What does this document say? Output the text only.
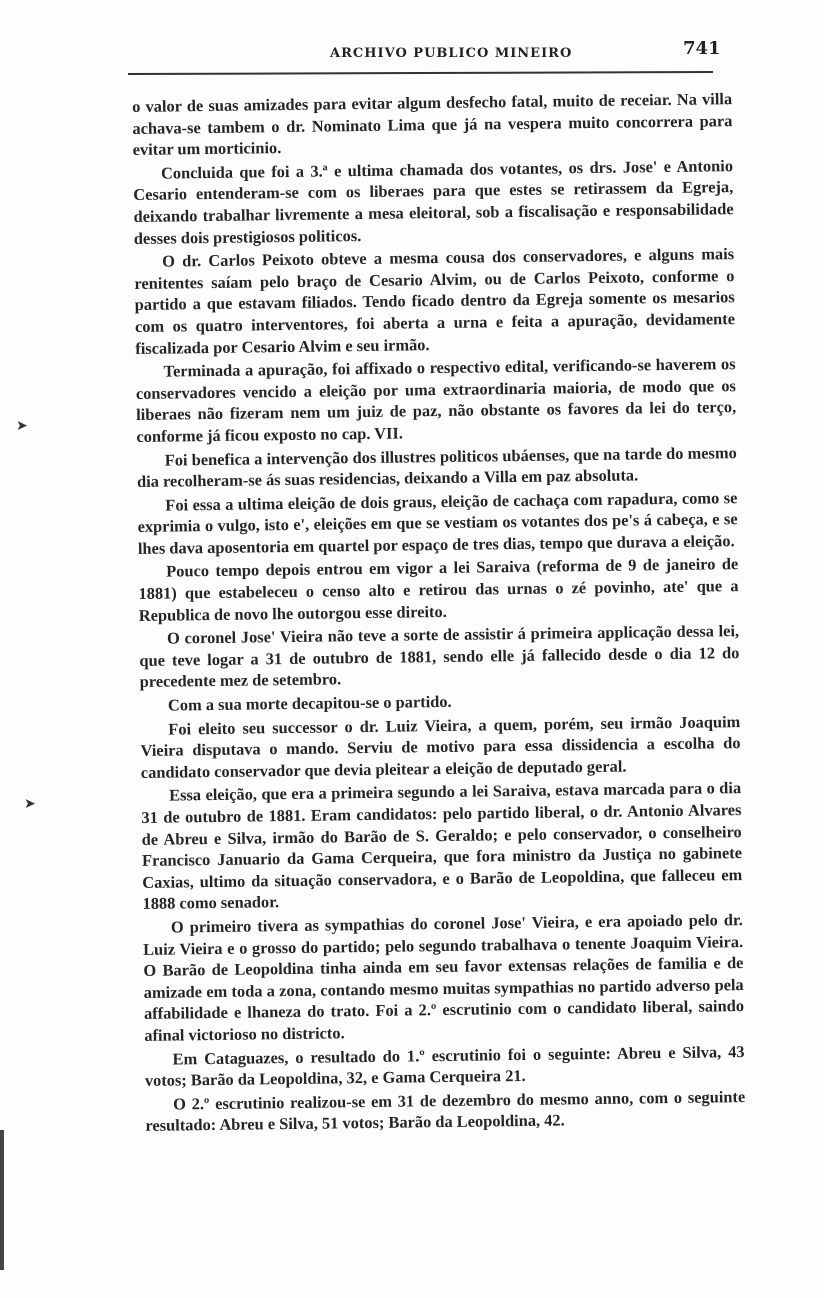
ARCHIVO PUBLICO MINEIRO	741
➤
➤

o valor de suas amizades para evitar algum desfecho fatal, muito de receiar. Na villa achava-se tambem o dr. Nominato Lima que já na vespera muito concorrera para evitar um morticinio.

Concluida que foi a 3.ª e ultima chamada dos votantes, os drs. Jose' e Antonio Cesario entenderam-se com os liberaes para que estes se retirassem da Egreja, deixando trabalhar livremente a mesa eleitoral, sob a fiscalisação e responsabilidade desses dois prestigiosos politicos.

O dr. Carlos Peixoto obteve a mesma cousa dos conservadores, e alguns mais renitentes saíam pelo braço de Cesario Alvim, ou de Carlos Peixoto, conforme o partido a que estavam filiados. Tendo ficado dentro da Egreja somente os mesarios com os quatro interventores, foi aberta a urna e feita a apuração, devidamente fiscalizada por Cesario Alvim e seu irmão.

Terminada a apuração, foi affixado o respectivo edital, verificando-se haverem os conservadores vencido a eleição por uma extraordinaria maioria, de modo que os liberaes não fizeram nem um juiz de paz, não obstante os favores da lei do terço, conforme já ficou exposto no cap. VII.

Foi benefica a intervenção dos illustres politicos ubáenses, que na tarde do mesmo dia recolheram-se ás suas residencias, deixando a Villa em paz absoluta.

Foi essa a ultima eleição de dois graus, eleição de cachaça com rapadura, como se exprimia o vulgo, isto e', eleições em que se vestiam os votantes dos pe's á cabeça, e se lhes dava aposentoria em quartel por espaço de tres dias, tempo que durava a eleição.

Pouco tempo depois entrou em vigor a lei Saraiva (reforma de 9 de janeiro de 1881) que estabeleceu o censo alto e retirou das urnas o zé povinho, ate' que a Republica de novo lhe outorgou esse direito.

O coronel Jose' Vieira não teve a sorte de assistir á primeira applicação dessa lei, que teve logar a 31 de outubro de 1881, sendo elle já fallecido desde o dia 12 do precedente mez de setembro.

Com a sua morte decapitou-se o partido.

Foi eleito seu successor o dr. Luiz Vieira, a quem, porém, seu irmão Joaquim Vieira disputava o mando. Serviu de motivo para essa dissidencia a escolha do candidato conservador que devia pleitear a eleição de deputado geral.

Essa eleição, que era a primeira segundo a lei Saraiva, estava marcada para o dia 31 de outubro de 1881. Eram candidatos: pelo partido liberal, o dr. Antonio Alvares de Abreu e Silva, irmão do Barão de S. Geraldo; e pelo conservador, o conselheiro Francisco Januario da Gama Cerqueira, que fora ministro da Justiça no gabinete Caxias, ultimo da situação conservadora, e o Barão de Leopoldina, que falleceu em 1888 como senador.

O primeiro tivera as sympathias do coronel Jose' Vieira, e era apoiado pelo dr. Luiz Vieira e o grosso do partido; pelo segundo trabalhava o tenente Joaquim Vieira. O Barão de Leopoldina tinha ainda em seu favor extensas relações de familia e de amizade em toda a zona, contando mesmo muitas sympathias no partido adverso pela affabilidade e lhaneza do trato. Foi a 2.º escrutinio com o candidato liberal, saindo afinal victorioso no districto.

Em Cataguazes, o resultado do 1.º escrutinio foi o seguinte: Abreu e Silva, 43 votos; Barão da Leopoldina, 32, e Gama Cerqueira 21.

O 2.º escrutinio realizou-se em 31 de dezembro do mesmo anno, com o seguinte resultado: Abreu e Silva, 51 votos; Barão da Leopoldina, 42.
